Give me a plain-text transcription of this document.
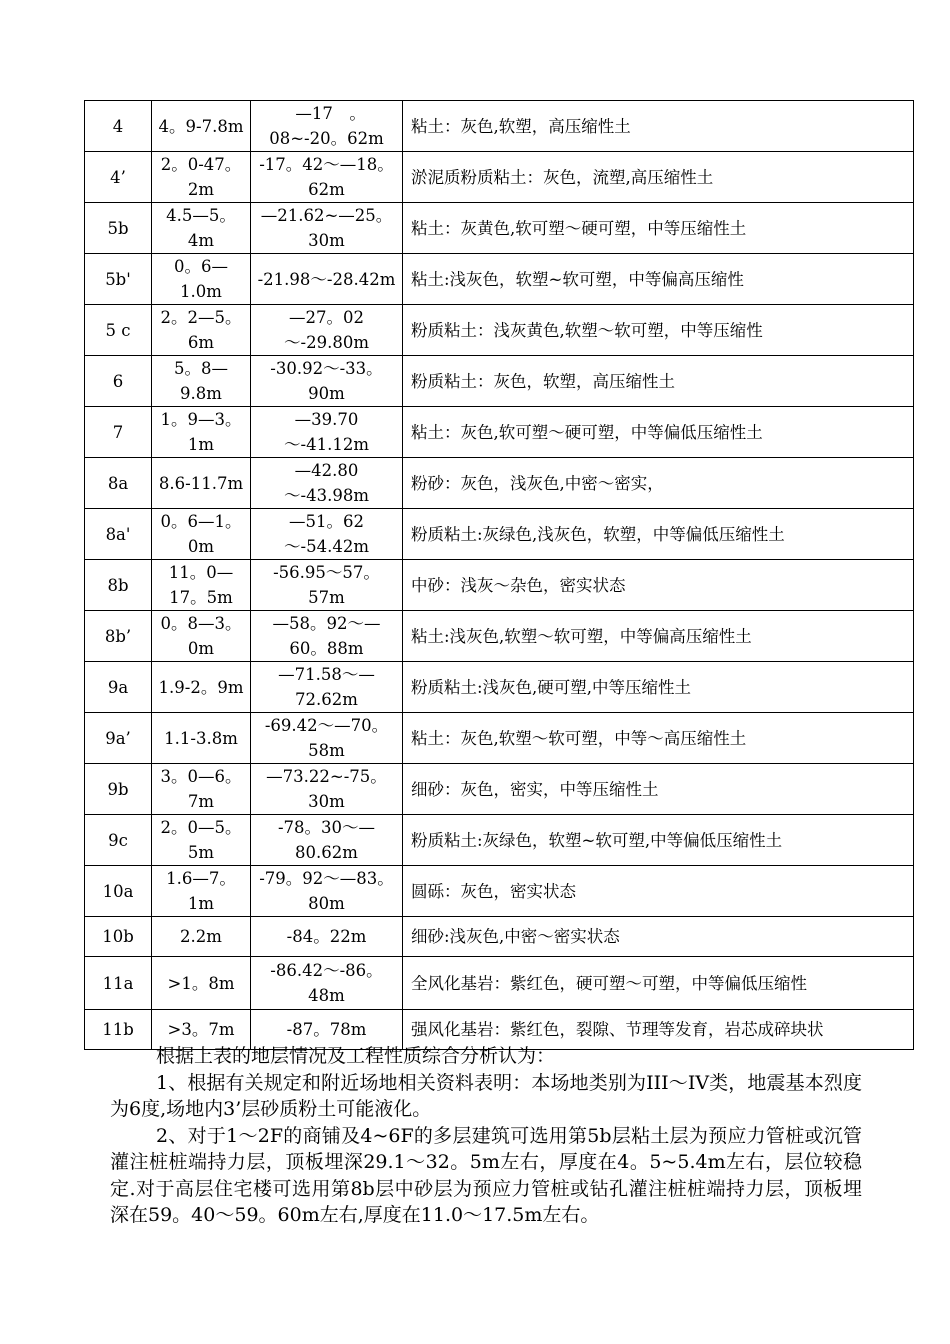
4	4。9-7.8m	—17　。　08~-20。62m	粘土：灰色,软塑，高压缩性土
4’	2。0-47。2m	-17。42～—18。62m	淤泥质粉质粘土：灰色，流塑,高压缩性土
5b	4.5—5。4m	—21.62~—25。30m	粘土：灰黄色,软可塑～硬可塑，中等压缩性土
5b'	0。6—1.0m	-21.98～-28.42m	粘土:浅灰色，软塑~软可塑，中等偏高压缩性
5 c	2。2—5。6m	—27。02～-29.80m	粉质粘土：浅灰黄色,软塑～软可塑，中等压缩性
6	5。8—9.8m	-30.92～-33。90m	粉质粘土：灰色，软塑，高压缩性土
7	1。9—3。1m	—39.70～-41.12m	粘土：灰色,软可塑～硬可塑，中等偏低压缩性土
8a	8.6-11.7m	—42.80～-43.98m	粉砂：灰色，浅灰色,中密～密实，
8a'	0。6—1。0m	—51。62～-54.42m	粉质粘土:灰绿色,浅灰色，软塑，中等偏低压缩性土
8b	11。0—17。5m	-56.95～57。57m	中砂：浅灰～杂色，密实状态
8b’	0。8—3。0m	—58。92～—60。88m	粘土:浅灰色,软塑～软可塑，中等偏高压缩性土
9a	1.9-2。9m	—71.58～—72.62m	粉质粘土:浅灰色,硬可塑,中等压缩性土
9a’	1.1-3.8m	-69.42～—70。58m	粘土：灰色,软塑～软可塑，中等～高压缩性土
9b	3。0—6。7m	—73.22~-75。30m	细砂：灰色，密实，中等压缩性土
9c	2。0—5。5m	-78。30～—80.62m	粉质粘土:灰绿色，软塑~软可塑,中等偏低压缩性土
10a	1.6—7。1m	-79。92～—83。80m	圆砾：灰色，密实状态
10b	2.2m	-84。22m	细砂:浅灰色,中密～密实状态
11a	>1。8m	-86.42～-86。48m	全风化基岩：紫红色，硬可塑～可塑，中等偏低压缩性
11b	>3。7m	-87。78m	强风化基岩：紫红色，裂隙、节理等发育，岩芯成碎块状

根据上表的地层情况及工程性质综合分析认为：

1、根据有关规定和附近场地相关资料表明：本场地类别为III～IV类，地震基本烈度为6度,场地内3’层砂质粉土可能液化。

2、对于1～2F的商铺及4~6F的多层建筑可选用第5b层粘土层为预应力管桩或沉管灌注桩桩端持力层，顶板埋深29.1～32。5m左右，厚度在4。5~5.4m左右，层位较稳定.对于高层住宅楼可选用第8b层中砂层为预应力管桩或钻孔灌注桩桩端持力层，顶板埋深在59。40～59。60m左右,厚度在11.0～17.5m左右。
